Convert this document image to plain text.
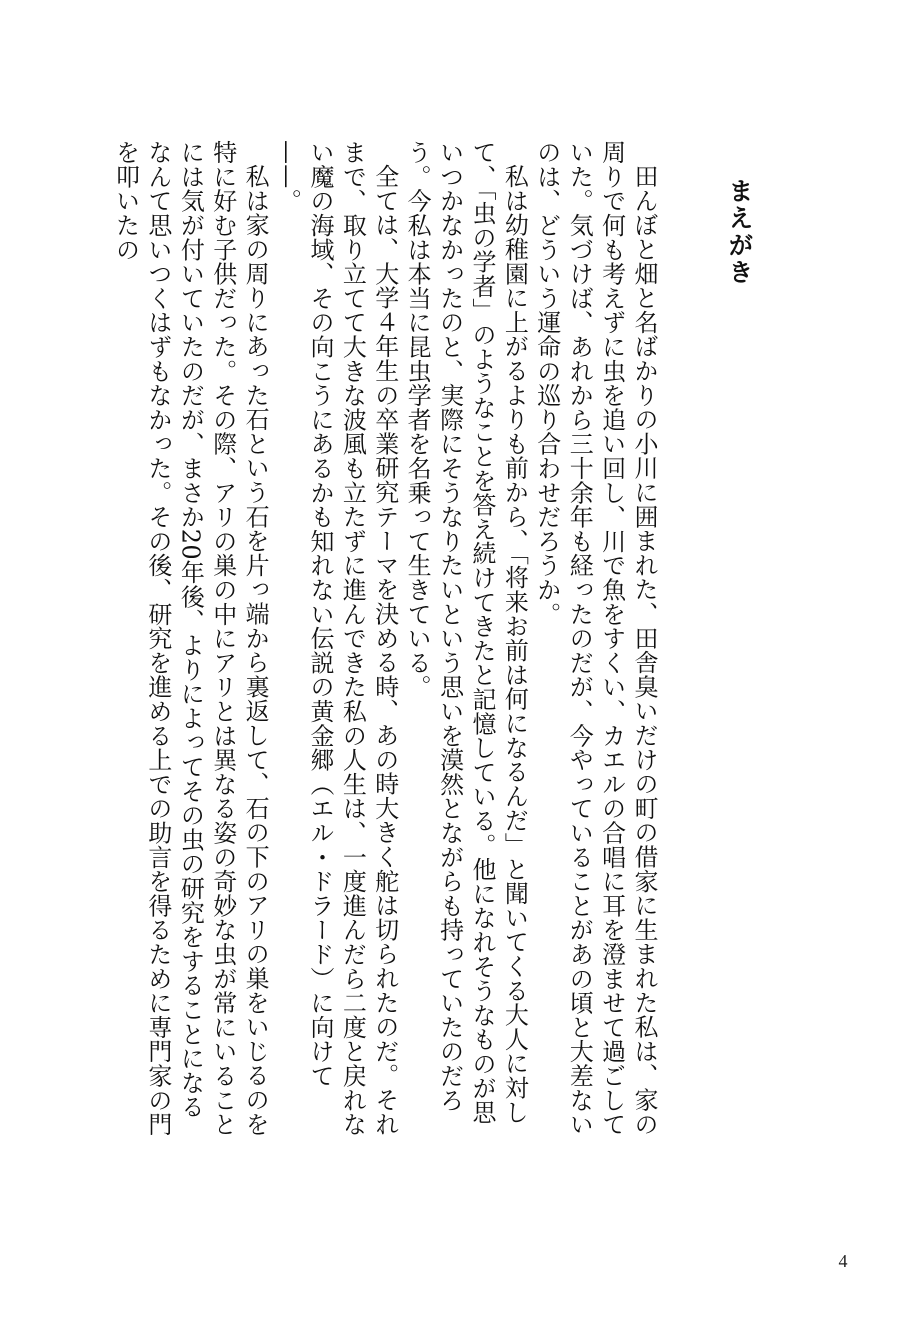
まえがき

田んぼと畑と名ばかりの小川に囲まれた、田舎臭いだけの町の借家に生まれた私は、家の周りで何も考えずに虫を追い回し、川で魚をすくい、カエルの合唱に耳を澄ませて過ごしていた。気づけば、あれから三十余年も経ったのだが、今やっていることがあの頃と大差ないのは、どういう運命の巡り合わせだろうか。

私は幼稚園に上がるよりも前から、「将来お前は何になるんだ」と聞いてくる大人に対して、「虫の学者」のようなことを答え続けてきたと記憶している。他になれそうなものが思いつかなかったのと、実際にそうなりたいという思いを漠然とながらも持っていたのだろう。今私は本当に昆虫学者を名乗って生きている。

全ては、大学４年生の卒業研究テーマを決める時、あの時大きく舵は切られたのだ。それまで、取り立てて大きな波風も立たずに進んできた私の人生は、一度進んだら二度と戻れない魔の海域、その向こうにあるかも知れない伝説の黄金郷（エル・ドラード）に向けて——。

私は家の周りにあった石という石を片っ端から裏返して、石の下のアリの巣をいじるのを特に好む子供だった。その際、アリの巣の中にアリとは異なる姿の奇妙な虫が常にいることには気が付いていたのだが、まさか20年後、よりによってその虫の研究をすることになるなんて思いつくはずもなかった。その後、研究を進める上での助言を得るために専門家の門を叩いたの

4
